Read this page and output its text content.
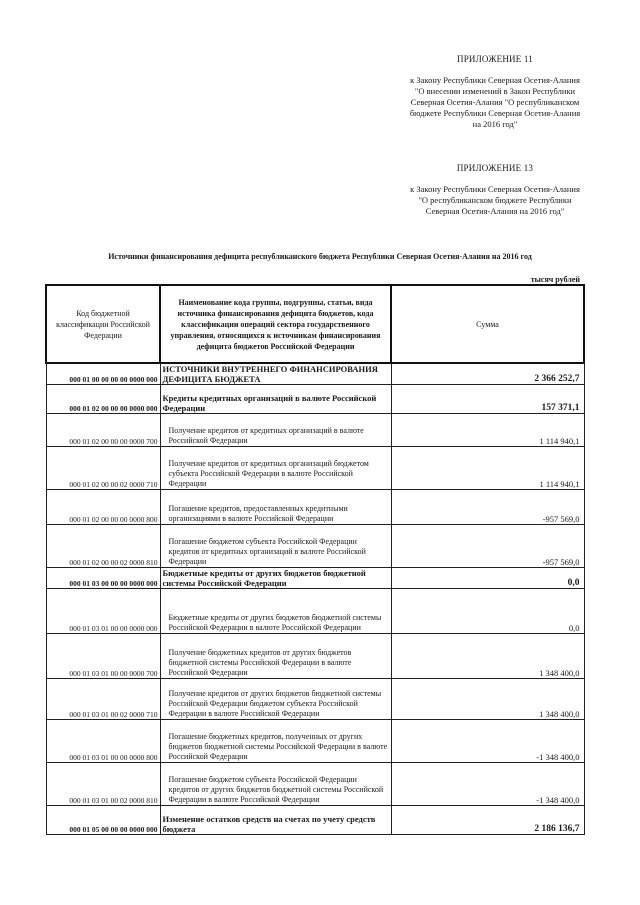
ПРИЛОЖЕНИЕ 11
к Закону Республики Северная Осетия-Алания
"О внесении изменений в Закон Республики
Северная Осетия-Алания "О республиканском
бюджете Республики Северная Осетия-Алания
на 2016 год"
ПРИЛОЖЕНИЕ 13
к Закону Республики Северная Осетия-Алания
"О республиканском бюджете Республики
Северная Осетия-Алания на 2016 год"
Источники финансирования дефицита республиканского бюджета Республики Северная Осетия-Алания на 2016 год
тысяч рублей
Код бюджетной классификации Российской Федерации	Наименование кода группы, подгруппы, статьи, вида источника финансирования дефицита бюджетов, кода классификации операций сектора государственного управления, относящихся к источникам финансирования дефицита бюджетов Российской Федерации	Сумма
000 01 00 00 00 00 0000 000	ИСТОЧНИКИ ВНУТРЕННЕГО ФИНАНСИРОВАНИЯ ДЕФИЦИТА БЮДЖЕТА	2 366 252,7
000 01 02 00 00 00 0000 000	Кредиты кредитных организаций в валюте Российской Федерации	157 371,1
000 01 02 00 00 00 0000 700	Получение кредитов от кредитных организаций в валюте Российской Федерации	1 114 940,1
000 01 02 00 00 02 0000 710	Получение кредитов от кредитных организаций бюджетом субъекта Российской Федерации в валюте Российской Федерации	1 114 940,1
000 01 02 00 00 00 0000 800	Погашение кредитов, предоставленных кредитными организациями в валюте Российской Федерации	-957 569,0
000 01 02 00 00 02 0000 810	Погашение бюджетом субъекта Российской Федерации кредитов от кредитных организаций в валюте Российской Федерации	-957 569,0
000 01 03 00 00 00 0000 000	Бюджетные кредиты от других бюджетов бюджетной системы Российской Федерации	0,0
000 01 03 01 00 00 0000 000	Бюджетные кредиты от других бюджетов бюджетной системы Российской Федерации в валюте Российской Федерации	0,0
000 01 03 01 00 00 0000 700	Получение бюджетных кредитов от других бюджетов бюджетной системы Российской Федерации в валюте Российской Федерации	1 348 400,0
000 01 03 01 00 02 0000 710	Получение кредитов от других бюджетов бюджетной системы Российской Федерации бюджетом субъекта Российской Федерации в валюте Российской Федерации	1 348 400,0
000 01 03 01 00 00 0000 800	Погашение бюджетных кредитов, полученных от других бюджетов бюджетной системы Российской Федерации в валюте Российской Федерации	-1 348 400,0
000 01 03 01 00 02 0000 810	Погашение бюджетом субъекта Российской Федерации кредитов от других бюджетов бюджетной системы Российской Федерации в валюте Российской Федерации	-1 348 400,0
000 01 05 00 00 00 0000 000	Изменение остатков средств на счетах по учету средств бюджета	2 186 136,7
